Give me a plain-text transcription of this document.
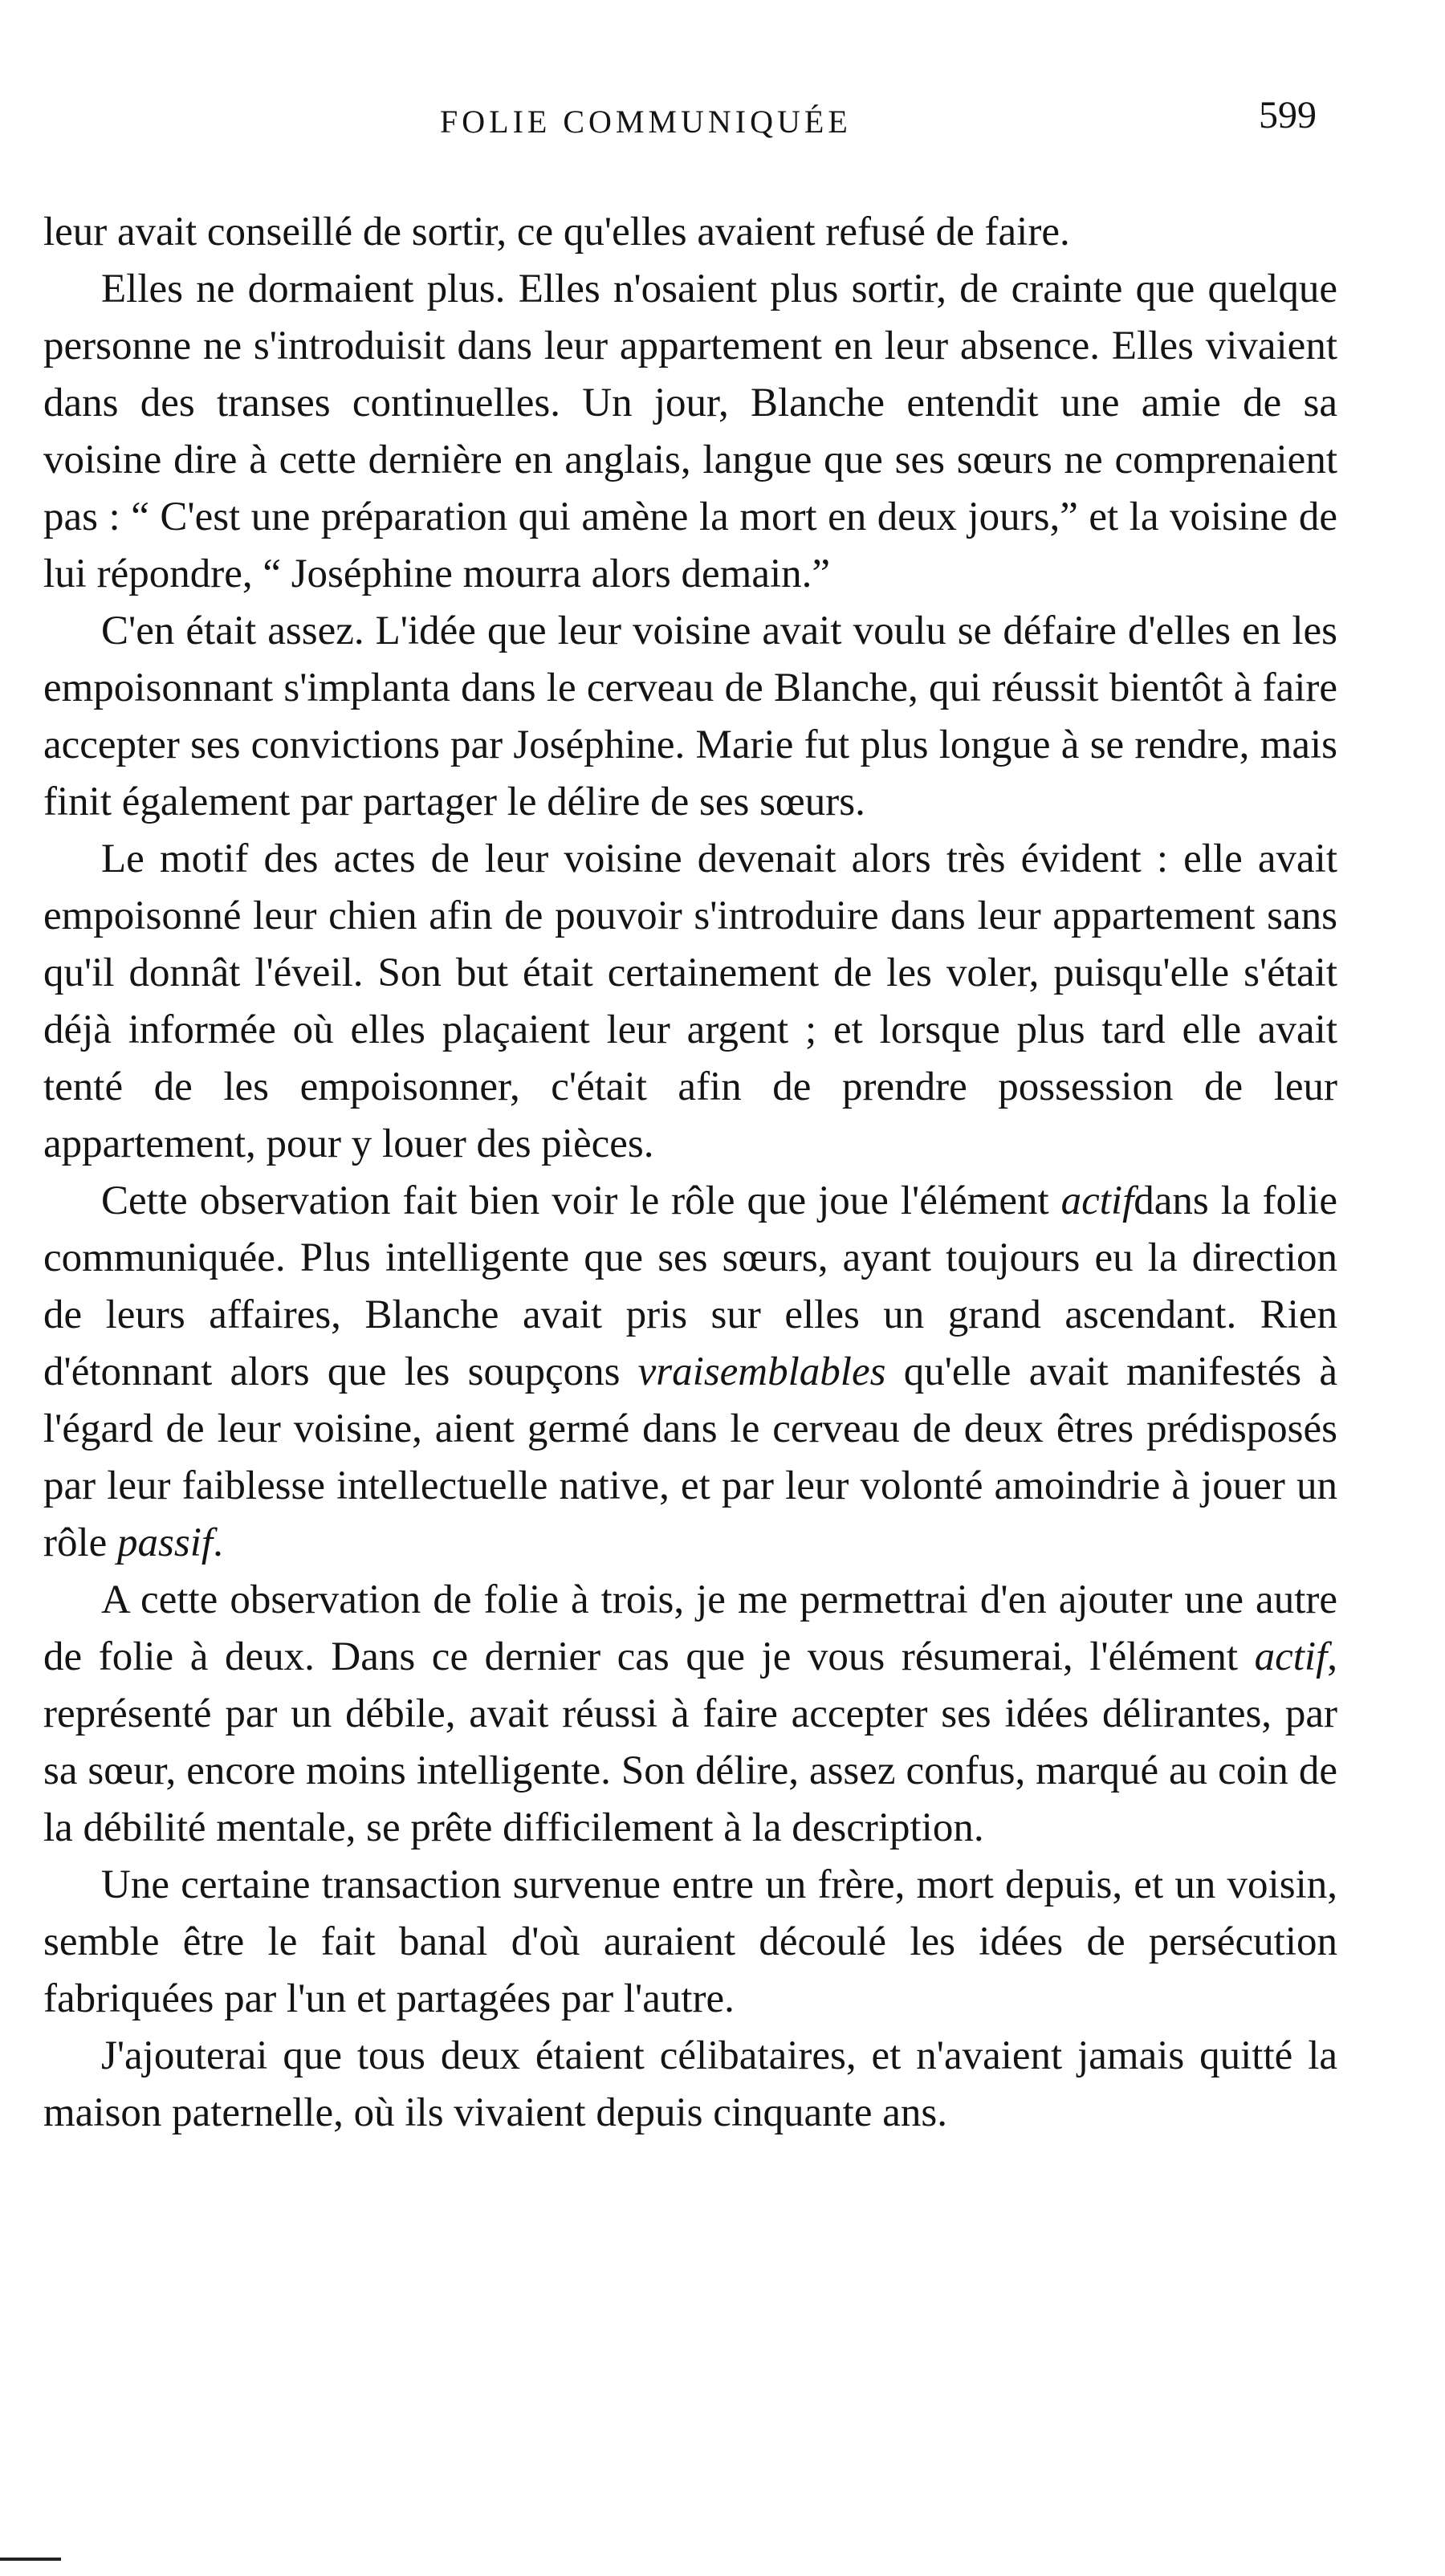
FOLIE COMMUNIQUÉE	599

leur avait conseillé de sortir, ce qu'elles avaient refusé de faire.

Elles ne dormaient plus. Elles n'osaient plus sortir, de crainte que quelque personne ne s'introduisit dans leur appartement en leur absence. Elles vivaient dans des transes continuelles. Un jour, Blanche entendit une amie de sa voisine dire à cette dernière en anglais, langue que ses sœurs ne comprenaient pas : “ C'est une préparation qui amène la mort en deux jours,” et la voisine de lui répondre, “ Joséphine mourra alors demain.”

C'en était assez. L'idée que leur voisine avait voulu se défaire d'elles en les empoisonnant s'implanta dans le cerveau de Blanche, qui réussit bientôt à faire accepter ses convictions par Joséphine. Marie fut plus longue à se rendre, mais finit également par partager le délire de ses sœurs.

Le motif des actes de leur voisine devenait alors très évident : elle avait empoisonné leur chien afin de pouvoir s'introduire dans leur appartement sans qu'il donnât l'éveil. Son but était certainement de les voler, puisqu'elle s'était déjà informée où elles plaçaient leur argent ; et lorsque plus tard elle avait tenté de les empoisonner, c'était afin de prendre possession de leur appartement, pour y louer des pièces.

Cette observation fait bien voir le rôle que joue l'élément actifdans la folie communiquée. Plus intelligente que ses sœurs, ayant toujours eu la direction de leurs affaires, Blanche avait pris sur elles un grand ascendant. Rien d'étonnant alors que les soupçons vraisemblables qu'elle avait manifestés à l'égard de leur voisine, aient germé dans le cerveau de deux êtres prédisposés par leur faiblesse intellectuelle native, et par leur volonté amoindrie à jouer un rôle passif.

A cette observation de folie à trois, je me permettrai d'en ajouter une autre de folie à deux. Dans ce dernier cas que je vous résumerai, l'élément actif, représenté par un débile, avait réussi à faire accepter ses idées délirantes, par sa sœur, encore moins intelligente. Son délire, assez confus, marqué au coin de la débilité mentale, se prête difficilement à la description.

Une certaine transaction survenue entre un frère, mort depuis, et un voisin, semble être le fait banal d'où auraient découlé les idées de persécution fabriquées par l'un et partagées par l'autre.

J'ajouterai que tous deux étaient célibataires, et n'avaient jamais quitté la maison paternelle, où ils vivaient depuis cinquante ans.
